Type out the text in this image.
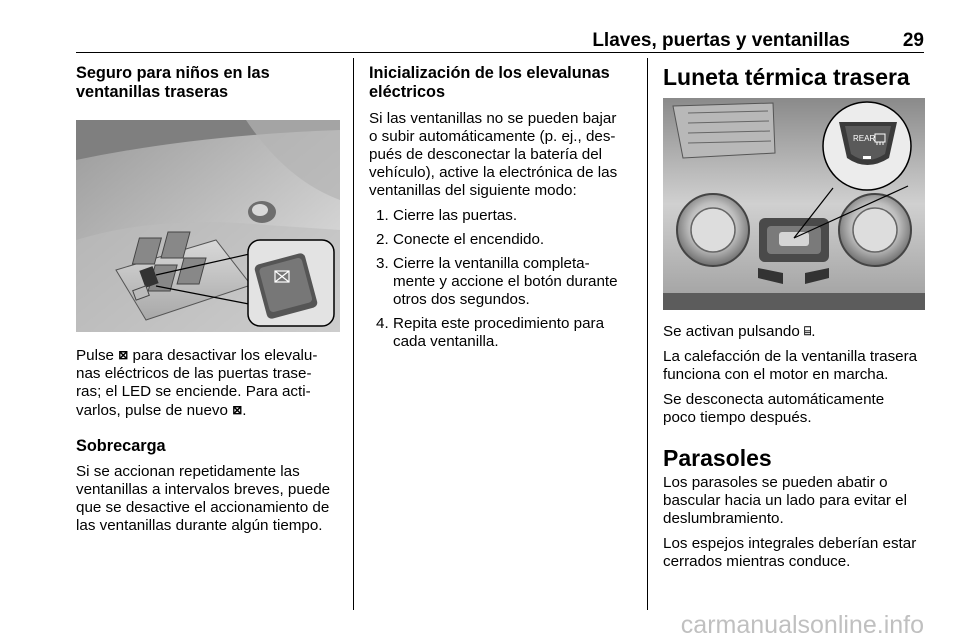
Llaves, puertas y ventanillas	29
Seguro para niños en las
ventanillas traseras

Pulse ⊠ para desactivar los elevalu-
nas eléctricos de las puertas trase-
ras; el LED se enciende. Para acti-
varlos, pulse de nuevo ⊠.

Sobrecarga

Si se accionan repetidamente las
ventanillas a intervalos breves, puede
que se desactive el accionamiento de
las ventanillas durante algún tiempo.

Inicialización de los elevalunas
eléctricos

Si las ventanillas no se pueden bajar
o subir automáticamente (p. ej., des-
pués de desconectar la batería del
vehículo), active la electrónica de las
ventanillas del siguiente modo:

1. Cierre las puertas.
2. Conecte el encendido.
3. Cierre la ventanilla completa-
mente y accione el botón durante
otros dos segundos.
4. Repita este procedimiento para
cada ventanilla.
Luneta térmica trasera
REAR

Se activan pulsando ⌸.

La calefacción de la ventanilla trasera
funciona con el motor en marcha.

Se desconecta automáticamente
poco tiempo después.

Parasoles

Los parasoles se pueden abatir o
bascular hacia un lado para evitar el
deslumbramiento.

Los espejos integrales deberían estar
cerrados mientras conduce.

carmanualsonline.info
